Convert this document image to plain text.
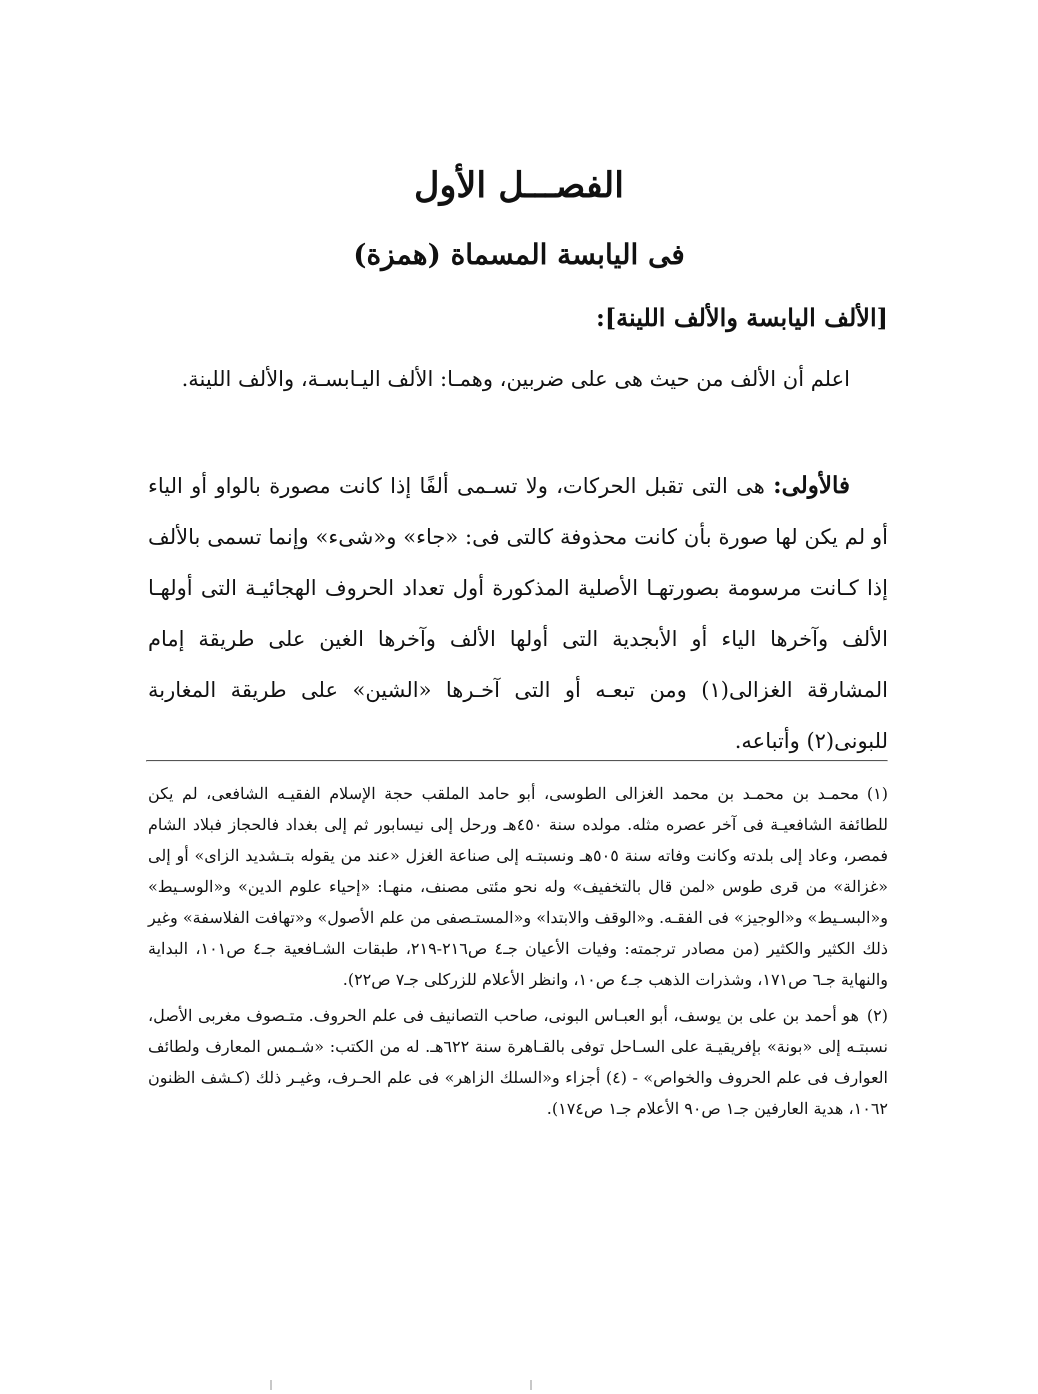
الفصـــل الأول
فى اليابسة المسماة (همزة)
[الألف اليابسة والألف اللينة]:

اعلم أن الألف من حيث هى على ضربين، وهمـا: الألف اليـابسـة، والألف اللينة.

فالأولى: هى التى تقبل الحركات، ولا تسـمى ألفًا إذا كانت مصورة بالواو أو الياء أو لم يكن لها صورة بأن كانت محذوفة كالتى فى: «جاء» و«شىء» وإنما تسمى بالألف إذا كـانت مرسومة بصورتهـا الأصلية المذكورة أول تعداد الحروف الهجائيـة التى أولهـا الألف وآخرها الياء أو الأبجدية التى أولها الألف وآخرها الغين على طريقة إمام المشارقة الغزالى(١) ومن تبعـه أو التى آخـرها «الشين» على طريقة المغاربة للبونى(٢) وأتباعه.

(١)محمـد بن محمـد بن محمد الغزالى الطوسى، أبو حامد الملقب حجة الإسلام الفقيـه الشافعى، لم يكن للطائفة الشافعيـة فى آخر عصره مثله. مولده سنة ٤٥٠هـ ورحل إلى نيسابور ثم إلى بغداد فالحجاز فبلاد الشام فمصر، وعاد إلى بلدته وكانت وفاته سنة ٥٠٥هـ ونسبتـه إلى صناعة الغزل «عند من يقوله بتـشديد الزاى» أو إلى «غزالة» من قرى طوس «لمن قال بالتخفيف» وله نحو مئتى مصنف، منهـا: «إحياء علوم الدين» و«الوسـيط» و«البسـيط» و«الوجيز» فى الفقـه. و«الوقف والابتدا» و«المستـصفى من علم الأصول» و«تهافت الفلاسفة» وغير ذلك الكثير والكثير (من مصادر ترجمته: وفيات الأعيان جـ٤ ص٢١٦-٢١٩، طبقات الشـافعية جـ٤ ص١٠١، البداية والنهاية جـ٦ ص١٧١، وشذرات الذهب جـ٤ ص١٠، وانظر الأعلام للزركلى جـ٧ ص٢٢).

(٢)هو أحمد بن على بن يوسف، أبو العبـاس البونى، صاحب التصانيف فى علم الحروف. متـصوف مغربى الأصل، نسبتـه إلى «بونة» بإفريقيـة على السـاحل توفى بالقـاهرة سنة ٦٢٢هـ. له من الكتب: «شـمس المعارف ولطائف العوارف فى علم الحروف والخواص» - (٤) أجزاء و«السلك الزاهر» فى علم الحـرف، وغيـر ذلك (كـشف الظنون ١٠٦٢، هدية العارفين جـ١ ص٩٠ الأعلام جـ١ ص١٧٤).
